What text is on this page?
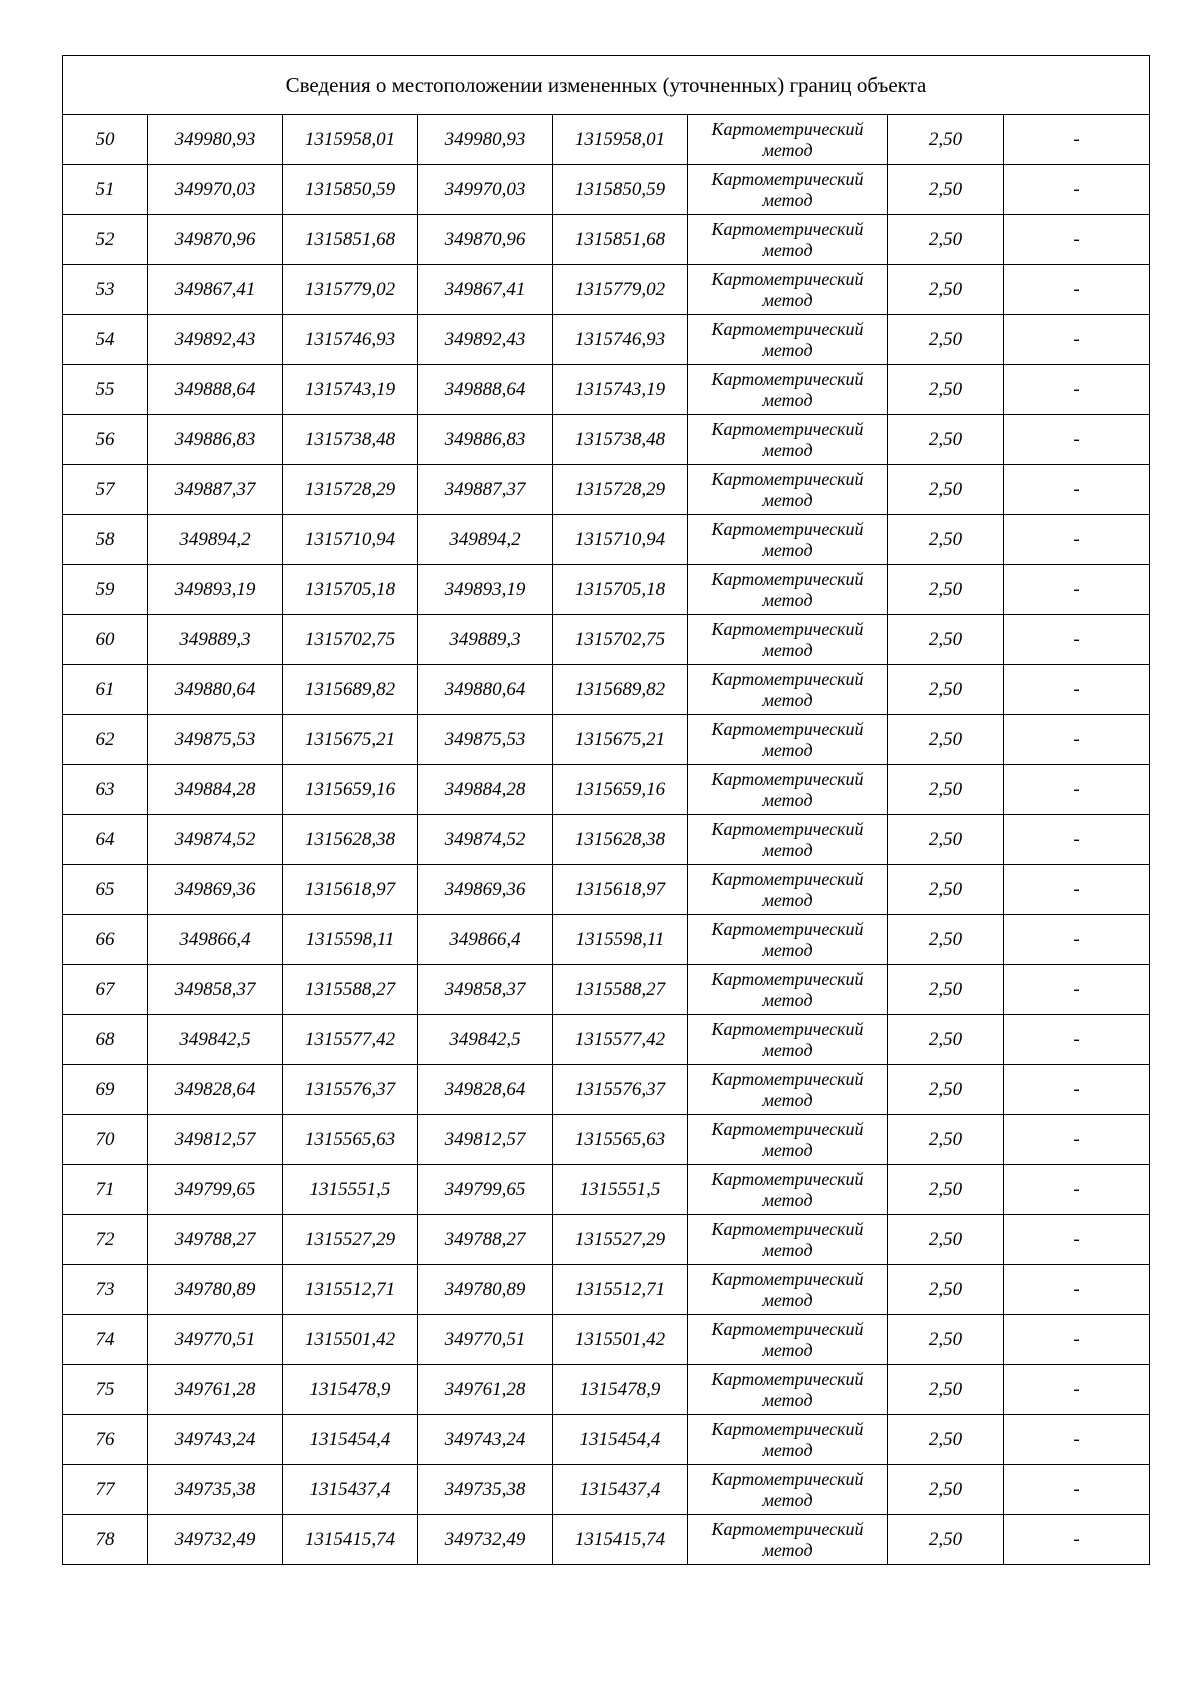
Сведения о местоположении измененных (уточненных) границ объекта							
50	349980,93	1315958,01	349980,93	1315958,01	Картометрический
метод	2,50	-
51	349970,03	1315850,59	349970,03	1315850,59	Картометрический
метод	2,50	-
52	349870,96	1315851,68	349870,96	1315851,68	Картометрический
метод	2,50	-
53	349867,41	1315779,02	349867,41	1315779,02	Картометрический
метод	2,50	-
54	349892,43	1315746,93	349892,43	1315746,93	Картометрический
метод	2,50	-
55	349888,64	1315743,19	349888,64	1315743,19	Картометрический
метод	2,50	-
56	349886,83	1315738,48	349886,83	1315738,48	Картометрический
метод	2,50	-
57	349887,37	1315728,29	349887,37	1315728,29	Картометрический
метод	2,50	-
58	349894,2	1315710,94	349894,2	1315710,94	Картометрический
метод	2,50	-
59	349893,19	1315705,18	349893,19	1315705,18	Картометрический
метод	2,50	-
60	349889,3	1315702,75	349889,3	1315702,75	Картометрический
метод	2,50	-
61	349880,64	1315689,82	349880,64	1315689,82	Картометрический
метод	2,50	-
62	349875,53	1315675,21	349875,53	1315675,21	Картометрический
метод	2,50	-
63	349884,28	1315659,16	349884,28	1315659,16	Картометрический
метод	2,50	-
64	349874,52	1315628,38	349874,52	1315628,38	Картометрический
метод	2,50	-
65	349869,36	1315618,97	349869,36	1315618,97	Картометрический
метод	2,50	-
66	349866,4	1315598,11	349866,4	1315598,11	Картометрический
метод	2,50	-
67	349858,37	1315588,27	349858,37	1315588,27	Картометрический
метод	2,50	-
68	349842,5	1315577,42	349842,5	1315577,42	Картометрический
метод	2,50	-
69	349828,64	1315576,37	349828,64	1315576,37	Картометрический
метод	2,50	-
70	349812,57	1315565,63	349812,57	1315565,63	Картометрический
метод	2,50	-
71	349799,65	1315551,5	349799,65	1315551,5	Картометрический
метод	2,50	-
72	349788,27	1315527,29	349788,27	1315527,29	Картометрический
метод	2,50	-
73	349780,89	1315512,71	349780,89	1315512,71	Картометрический
метод	2,50	-
74	349770,51	1315501,42	349770,51	1315501,42	Картометрический
метод	2,50	-
75	349761,28	1315478,9	349761,28	1315478,9	Картометрический
метод	2,50	-
76	349743,24	1315454,4	349743,24	1315454,4	Картометрический
метод	2,50	-
77	349735,38	1315437,4	349735,38	1315437,4	Картометрический
метод	2,50	-
78	349732,49	1315415,74	349732,49	1315415,74	Картометрический
метод	2,50	-
